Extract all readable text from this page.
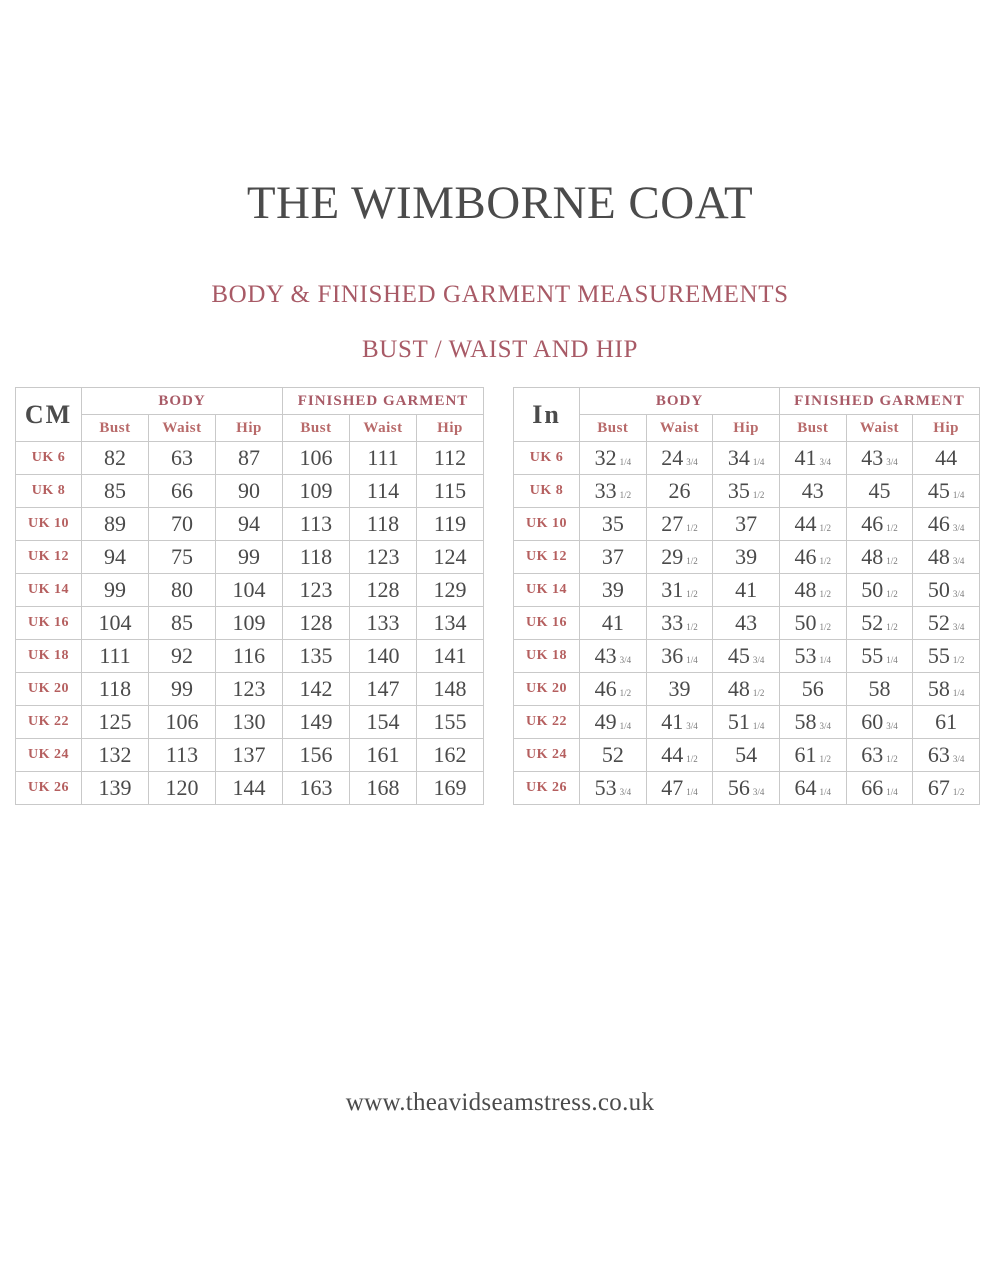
THE WIMBORNE COAT
BODY & FINISHED GARMENT MEASUREMENTS
BUST / WAIST AND HIP
CM	BODY			FINISHED GARMENT		
	Bust	Waist	Hip	Bust	Waist	Hip
UK 6	82	63	87	106	111	112
UK 8	85	66	90	109	114	115
UK 10	89	70	94	113	118	119
UK 12	94	75	99	118	123	124
UK 14	99	80	104	123	128	129
UK 16	104	85	109	128	133	134
UK 18	111	92	116	135	140	141
UK 20	118	99	123	142	147	148
UK 22	125	106	130	149	154	155
UK 24	132	113	137	156	161	162
UK 26	139	120	144	163	168	169
In	BODY			FINISHED GARMENT		
	Bust	Waist	Hip	Bust	Waist	Hip
UK 6	32 1/4	24 3/4	34 1/4	41 3/4	43 3/4	44
UK 8	33 1/2	26	35 1/2	43	45	45 1/4
UK 10	35	27 1/2	37	44 1/2	46 1/2	46 3/4
UK 12	37	29 1/2	39	46 1/2	48 1/2	48 3/4
UK 14	39	31 1/2	41	48 1/2	50 1/2	50 3/4
UK 16	41	33 1/2	43	50 1/2	52 1/2	52 3/4
UK 18	43 3/4	36 1/4	45 3/4	53 1/4	55 1/4	55 1/2
UK 20	46 1/2	39	48 1/2	56	58	58 1/4
UK 22	49 1/4	41 3/4	51 1/4	58 3/4	60 3/4	61
UK 24	52	44 1/2	54	61 1/2	63 1/2	63 3/4
UK 26	53 3/4	47 1/4	56 3/4	64 1/4	66 1/4	67 1/2
www.theavidseamstress.co.uk
